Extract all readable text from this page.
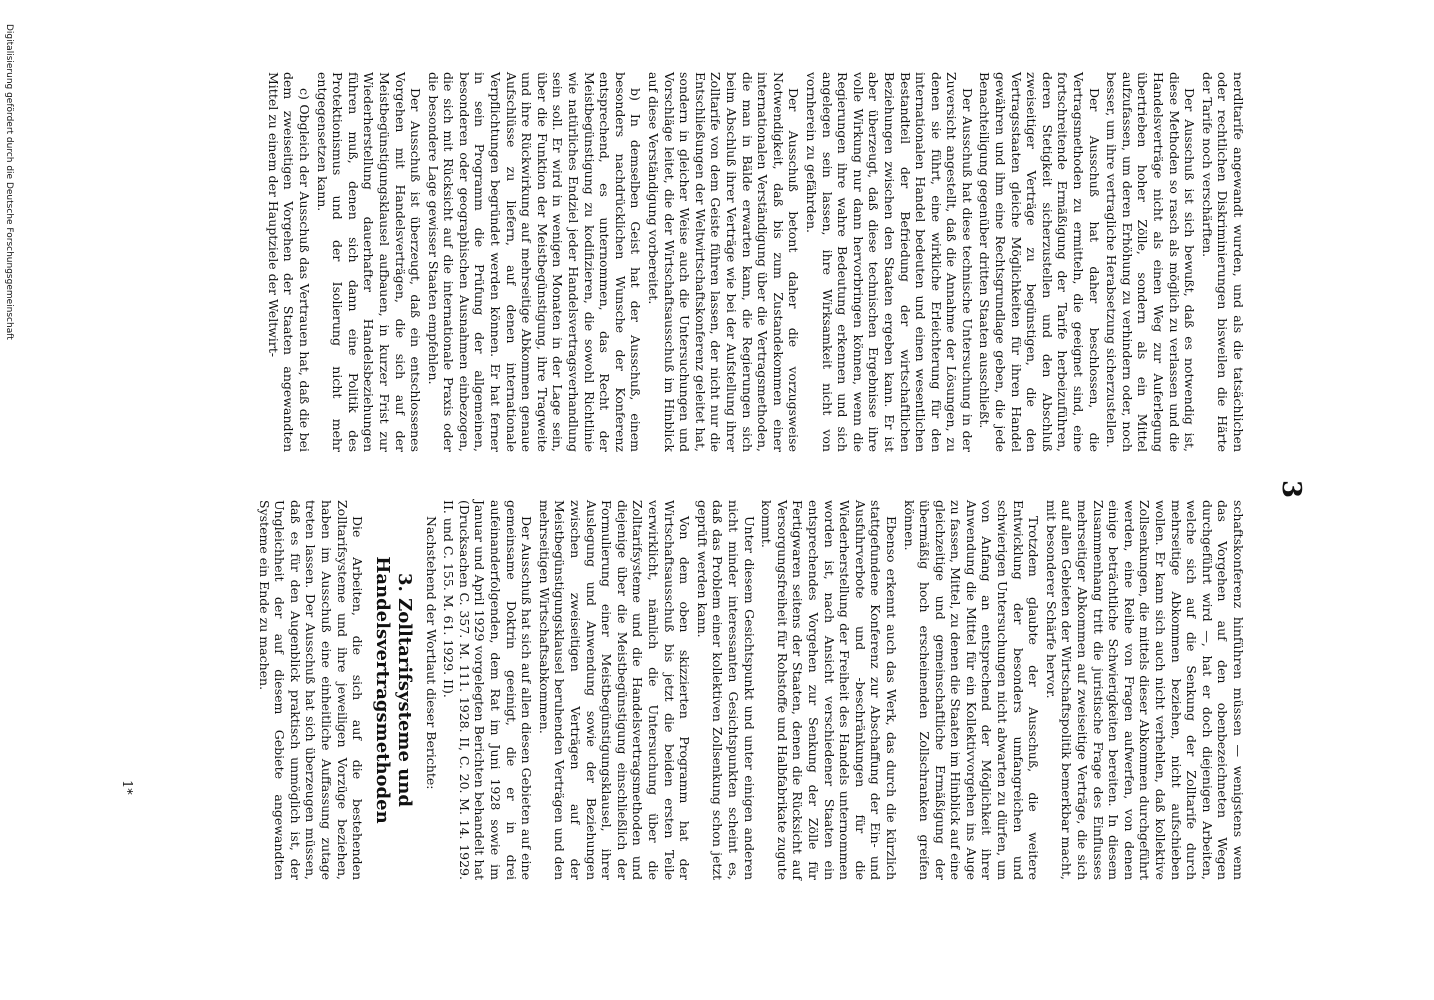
3

nerdltarife angewandt wurden, und als die tatsächlichen oder rechtlichen Diskriminierungen bisweilen die Härte der Tarife noch verschärften.

Der Ausschuß ist sich bewußt, daß es notwendig ist, diese Methoden so rasch als möglich zu verlassen und die Handelsverträge nicht als einen Weg zur Auferlegung übertrieben hoher Zölle, sondern als ein Mittel aufzufassen, um deren Erhöhung zu verhindern oder, noch besser, um ihre vertragliche Herabsetzung sicherzustellen.

Der Ausschuß hat daher beschlossen, die Vertragsmethoden zu ermitteln, die geeignet sind, eine fortschreitende Ermäßigung der Tarife herbeizuführen, deren Stetigkeit sicherzustellen und den Abschluß zweiseitiger Verträge zu begünstigen, die den Vertragsstaaten gleiche Möglichkeiten für ihren Handel gewähren und ihm eine Rechtsgrundlage geben, die jede Benachteiligung gegenüber dritten Staaten ausschließt.

Der Ausschuß hat diese technische Untersuchung in der Zuversicht angestellt, daß die Annahme der Lösungen, zu denen sie führt, eine wirkliche Erleichterung für den internationalen Handel bedeuten und einen wesentlichen Bestandteil der Befriedung der wirtschaftlichen Beziehungen zwischen den Staaten ergeben kann. Er ist aber überzeugt, daß diese technischen Ergebnisse ihre volle Wirkung nur dann hervorbringen können, wenn die Regierungen ihre wahre Bedeutung erkennen und sich angelegen sein lassen, ihre Wirksamkeit nicht von vornherein zu gefährden.

Der Ausschuß betont daher die vorzugsweise Notwendigkeit, daß bis zum Zustandekommen einer internationalen Verständigung über die Vertragsmethoden, die man in Bälde erwarten kann, die Regierungen sich beim Abschluß ihrer Verträge wie bei der Aufstellung ihrer Zolltarife von dem Geiste führen lassen, der nicht nur die Entschließungen der Weltwirtschaftskonferenz geleitet hat, sondern in gleicher Weise auch die Untersuchungen und Vorschläge leitet, die der Wirtschaftsausschuß im Hinblick auf diese Verständigung vorbereitet.

b) In demselben Geist hat der Ausschuß, einem besonders nachdrücklichen Wunsche der Konferenz entsprechend, es unternommen, das Recht der Meistbegünstigung zu kodifizieren, die sowohl Richtlinie wie natürliches Endziel jeder Handelsvertragsverhandlung sein soll. Er wird in wenigen Monaten in der Lage sein, über die Funktion der Meistbegünstigung, ihre Tragweite und ihre Rückwirkung auf mehrseitige Abkommen genaue Aufschlüsse zu liefern, auf denen internationale Verpflichtungen begründet werden können. Er hat ferner in sein Programm die Prüfung der allgemeinen, besonderen oder geographischen Ausnahmen einbezogen, die sich mit Rücksicht auf die internationale Praxis oder die besondere Lage gewisser Staaten empfehlen.

Der Ausschuß ist überzeugt, daß ein entschlossenes Vorgehen mit Handelsverträgen, die sich auf der Meistbegünstigungsklausel aufbauen, in kurzer Frist zur Wiederherstellung dauerhafter Handelsbeziehungen führen muß, denen sich dann eine Politik des Protektionismus und der Isolierung nicht mehr entgegensetzen kann.

c) Obgleich der Ausschuß das Vertrauen hat, daß die bei dem zweiseitigen Vorgehen der Staaten angewandten Mittel zu einem der Hauptziele der Weltwirt-

schaftskonferenz hinführen müssen — wenigstens wenn das Vorgehen auf den obenbezeichneten Wegen durchgeführt wird —, hat er doch diejenigen Arbeiten, welche sich auf die Senkung der Zolltarife durch mehrseitige Abkommen beziehen, nicht aufschieben wollen. Er kann sich auch nicht verhehlen, daß kollektive Zollsenkungen, die mittels dieser Abkommen durchgeführt werden, eine Reihe von Fragen aufwerfen, von denen einige beträchtliche Schwierigkeiten bereiten. In diesem Zusammenhang tritt die juristische Frage des Einflusses mehrseitiger Abkommen auf zweiseitige Verträge, die sich auf allen Gebieten der Wirtschaftspolitik bemerkbar macht, mit besonderer Schärfe hervor.

Trotzdem glaubte der Ausschuß, die weitere Entwicklung der besonders umfangreichen und schwierigen Untersuchungen nicht abwarten zu dürfen, um von Anfang an entsprechend der Möglichkeit ihrer Anwendung die Mittel für ein Kollektivvorgehen ins Auge zu fassen, Mittel, zu denen die Staaten im Hinblick auf eine gleichzeitige und gemeinschaftliche Ermäßigung der übermäßig hoch erscheinenden Zollschranken greifen können.

Ebenso erkennt auch das Werk, das durch die kürzlich stattgefundene Konferenz zur Abschaffung der Ein- und Ausfuhrverbote und -beschränkungen für die Wiederherstellung der Freiheit des Handels unternommen worden ist, nach Ansicht verschiedener Staaten ein entsprechendes Vorgehen zur Senkung der Zölle für Fertigwaren seitens der Staaten, denen die Rücksicht auf Versorgungsfreiheit für Rohstoffe und Halbfabrikate zugute kommt.

Unter diesem Gesichtspunkt und unter einigen anderen nicht minder interessanten Gesichtspunkten scheint es, daß das Problem einer kollektiven Zollsenkung schon jetzt geprüft werden kann.

Von dem oben skizzierten Programm hat der Wirtschaftsausschuß bis jetzt die beiden ersten Teile verwirklicht, nämlich die Untersuchung über die Zolltarifsysteme und die Handelsvertragsmethoden und diejenige über die Meistbegünstigung einschließlich der Formulierung einer Meistbegünstigungsklausel, ihrer Auslegung und Anwendung sowie der Beziehungen zwischen zweiseitigen Verträgen auf der Meistbegünstigungsklausel beruhenden Verträgen und den mehrseitigen Wirtschaftsabkommen.

Der Ausschuß hat sich auf allen diesen Gebieten auf eine gemeinsame Doktrin geeinigt, die er in drei aufeinanderfolgenden, dem Rat im Juni 1928 sowie im Januar und April 1929 vorgelegten Berichten behandelt hat (Drucksachen C. 357. M. 111. 1928. II, C. 20. M. 14. 1929. II. und C. 155. M. 61. 1929. II).

Nachstehend der Wortlaut dieser Berichte:

3. Zolltarifsysteme und Handelsvertragsmethoden

Die Arbeiten, die sich auf die bestehenden Zolltarifsysteme und ihre jeweiligen Vorzüge beziehen, haben im Ausschuß eine einheitliche Auffassung zutage treten lassen. Der Ausschuß hat sich überzeugen müssen, daß es für den Augenblick praktisch unmöglich ist, der Ungleichheit der auf diesem Gebiete angewandten Systeme ein Ende zu machen.

1*
Digitalisierung gefördert durch die Deutsche Forschungsgemeinschaft
